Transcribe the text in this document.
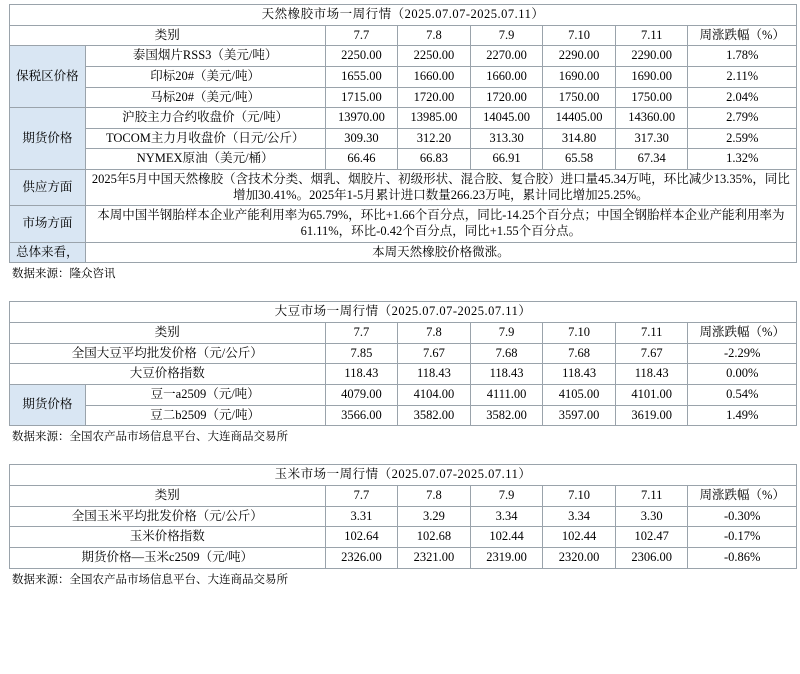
天然橡胶市场一周行情（2025.07.07-2025.07.11）							
类别		7.7	7.8	7.9	7.10	7.11	周涨跌幅（%）
保税区价格	泰国烟片RSS3（美元/吨）	2250.00	2250.00	2270.00	2290.00	2290.00	1.78%
	印标20#（美元/吨）	1655.00	1660.00	1660.00	1690.00	1690.00	2.11%
	马标20#（美元/吨）	1715.00	1720.00	1720.00	1750.00	1750.00	2.04%
期货价格	沪胶主力合约收盘价（元/吨）	13970.00	13985.00	14045.00	14405.00	14360.00	2.79%
	TOCOM主力月收盘价（日元/公斤）	309.30	312.20	313.30	314.80	317.30	2.59%
	NYMEX原油（美元/桶）	66.46	66.83	66.91	65.58	67.34	1.32%
供应方面	2025年5月中国天然橡胶（含技术分类、烟乳、烟胶片、初级形状、混合胶、复合胶）进口量45.34万吨，环比减少13.35%，同比增加30.41%。2025年1-5月累计进口数量266.23万吨，累计同比增加25.25%。						
市场方面	本周中国半钢胎样本企业产能利用率为65.79%，环比+1.66个百分点，同比-14.25个百分点；中国全钢胎样本企业产能利用率为61.11%，环比-0.42个百分点，同比+1.55个百分点。						
总体来看，	本周天然橡胶价格微涨。						
数据来源：隆众咨讯
大豆市场一周行情（2025.07.07-2025.07.11）							
类别		7.7	7.8	7.9	7.10	7.11	周涨跌幅（%）
全国大豆平均批发价格（元/公斤）		7.85	7.67	7.68	7.68	7.67	-2.29%
大豆价格指数		118.43	118.43	118.43	118.43	118.43	0.00%
期货价格	豆一a2509（元/吨）	4079.00	4104.00	4111.00	4105.00	4101.00	0.54%
	豆二b2509（元/吨）	3566.00	3582.00	3582.00	3597.00	3619.00	1.49%
数据来源：全国农产品市场信息平台、大连商品交易所
玉米市场一周行情（2025.07.07-2025.07.11）						
类别	7.7	7.8	7.9	7.10	7.11	周涨跌幅（%）
全国玉米平均批发价格（元/公斤）	3.31	3.29	3.34	3.34	3.30	-0.30%
玉米价格指数	102.64	102.68	102.44	102.44	102.47	-0.17%
期货价格—玉米c2509（元/吨）	2326.00	2321.00	2319.00	2320.00	2306.00	-0.86%
数据来源：全国农产品市场信息平台、大连商品交易所
